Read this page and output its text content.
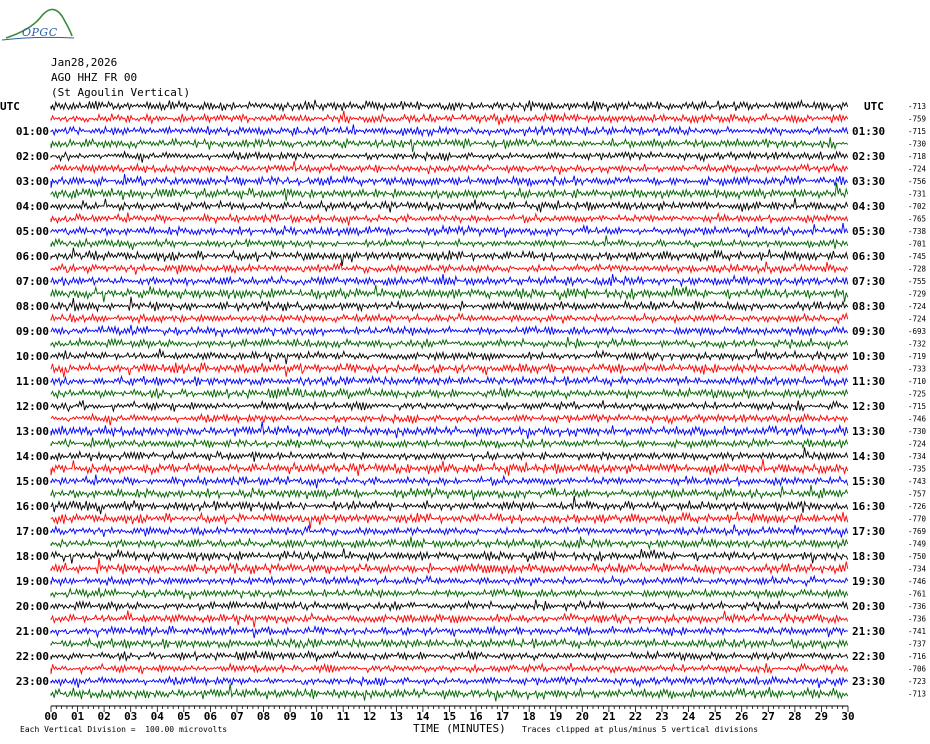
UTC	UTC
01:00
02:00
03:00
04:00
05:00
06:00
07:00
08:00
09:00
10:00
11:00
12:00
13:00
14:00
15:00
16:00
17:00
18:00
19:00
20:00
21:00
22:00
23:00
01:30
02:30
03:30
04:30
05:30
06:30
07:30
08:30
09:30
10:30
11:30
12:30
13:30
14:30
15:30
16:30
17:30
18:30
19:30
20:30
21:30
22:30
23:30
-713
-759
-715
-730
-718
-724
-756
-731
-702
-765
-738
-701
-745
-728
-755
-729
-724
-724
-693
-732
-719
-733
-710
-725
-715
-746
-730
-724
-734
-735
-743
-757
-726
-770
-769
-749
-750
-734
-746
-761
-736
-736
-741
-737
-716
-706
-723
-713
00 01 02 03 04 05 06 07 08 09 10 11 12 13 14 15 16 17 18 19 20 21 22 23 24 25 26 27 28 29 30
OPGC
Jan28,2026
AGO HHZ FR 00
(St Agoulin Vertical)
TIME (MINUTES)
Each Vertical Division =  100.00 microvolts	Traces clipped at plus/minus 5 vertical divisions
